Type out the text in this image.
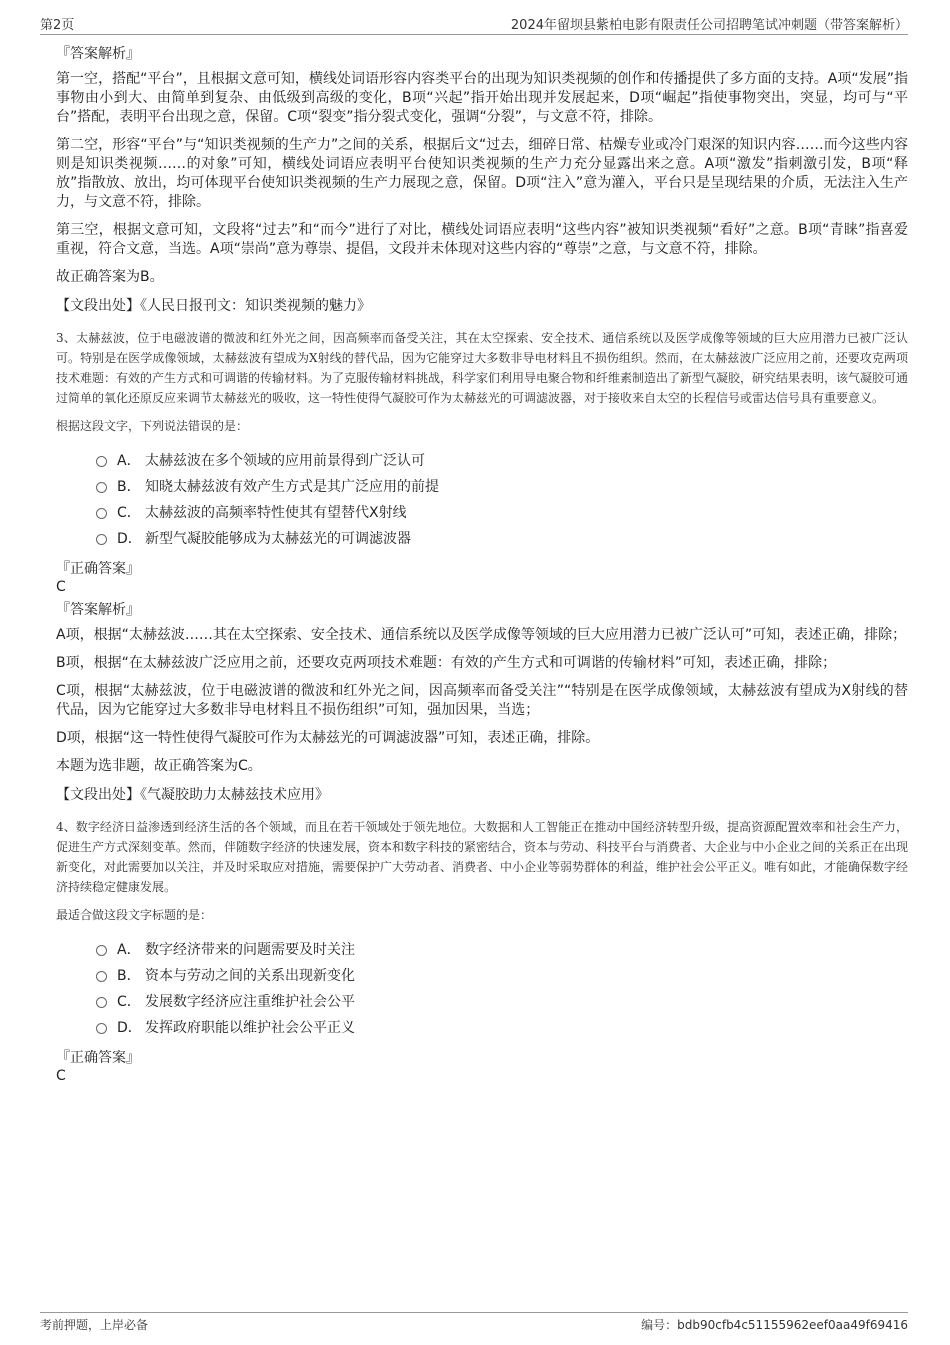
第2页	2024年留坝县紫柏电影有限责任公司招聘笔试冲刺题（带答案解析）

『答案解析』

第一空，搭配“平台”，且根据文意可知，横线处词语形容内容类平台的出现为知识类视频的创作和传播提供了多方面的支持。A项“发展”指事物由小到大、由简单到复杂、由低级到高级的变化，B项“兴起”指开始出现并发展起来，D项“崛起”指使事物突出，突显，均可与“平台”搭配，表明平台出现之意，保留。C项“裂变”指分裂式变化，强调“分裂”，与文意不符，排除。

第二空，形容“平台”与“知识类视频的生产力”之间的关系，根据后文“过去，细碎日常、枯燥专业或冷门艰深的知识内容……而今这些内容则是知识类视频……的对象”可知，横线处词语应表明平台使知识类视频的生产力充分显露出来之意。A项“激发”指刺激引发，B项“释放”指散放、放出，均可体现平台使知识类视频的生产力展现之意，保留。D项“注入”意为灌入，平台只是呈现结果的介质，无法注入生产力，与文意不符，排除。

第三空，根据文意可知，文段将“过去”和“而今”进行了对比，横线处词语应表明“这些内容”被知识类视频“看好”之意。B项“青睐”指喜爱重视，符合文意，当选。A项“崇尚”意为尊崇、提倡，文段并未体现对这些内容的“尊崇”之意，与文意不符，排除。

故正确答案为B。

【文段出处】《人民日报刊文：知识类视频的魅力》

3、太赫兹波，位于电磁波谱的微波和红外光之间，因高频率而备受关注，其在太空探索、安全技术、通信系统以及医学成像等领域的巨大应用潜力已被广泛认可。特别是在医学成像领域，太赫兹波有望成为X射线的替代品，因为它能穿过大多数非导电材料且不损伤组织。然而，在太赫兹波广泛应用之前，还要攻克两项技术难题：有效的产生方式和可调谐的传输材料。为了克服传输材料挑战，科学家们利用导电聚合物和纤维素制造出了新型气凝胶，研究结果表明，该气凝胶可通过简单的氧化还原反应来调节太赫兹光的吸收，这一特性使得气凝胶可作为太赫兹光的可调滤波器，对于接收来自太空的长程信号或雷达信号具有重要意义。

根据这段文字，下列说法错误的是：

A． 太赫兹波在多个领域的应用前景得到广泛认可
B． 知晓太赫兹波有效产生方式是其广泛应用的前提
C． 太赫兹波的高频率特性使其有望替代X射线
D． 新型气凝胶能够成为太赫兹光的可调滤波器

『正确答案』

C

『答案解析』

A项，根据“太赫兹波……其在太空探索、安全技术、通信系统以及医学成像等领域的巨大应用潜力已被广泛认可”可知，表述正确，排除；

B项，根据“在太赫兹波广泛应用之前，还要攻克两项技术难题：有效的产生方式和可调谐的传输材料”可知，表述正确，排除；

C项，根据“太赫兹波，位于电磁波谱的微波和红外光之间，因高频率而备受关注”“特别是在医学成像领域，太赫兹波有望成为X射线的替代品，因为它能穿过大多数非导电材料且不损伤组织”可知，强加因果，当选；

D项，根据“这一特性使得气凝胶可作为太赫兹光的可调滤波器”可知，表述正确，排除。

本题为选非题，故正确答案为C。

【文段出处】《气凝胶助力太赫兹技术应用》

4、数字经济日益渗透到经济生活的各个领域，而且在若干领域处于领先地位。大数据和人工智能正在推动中国经济转型升级，提高资源配置效率和社会生产力，促进生产方式深刻变革。然而，伴随数字经济的快速发展，资本和数字科技的紧密结合，资本与劳动、科技平台与消费者、大企业与中小企业之间的关系正在出现新变化，对此需要加以关注，并及时采取应对措施，需要保护广大劳动者、消费者、中小企业等弱势群体的利益，维护社会公平正义。唯有如此，才能确保数字经济持续稳定健康发展。

最适合做这段文字标题的是：

A． 数字经济带来的问题需要及时关注
B． 资本与劳动之间的关系出现新变化
C． 发展数字经济应注重维护社会公平
D． 发挥政府职能以维护社会公平正义

『正确答案』

C

考前押题，上岸必备	编号：bdb90cfb4c51155962eef0aa49f69416
